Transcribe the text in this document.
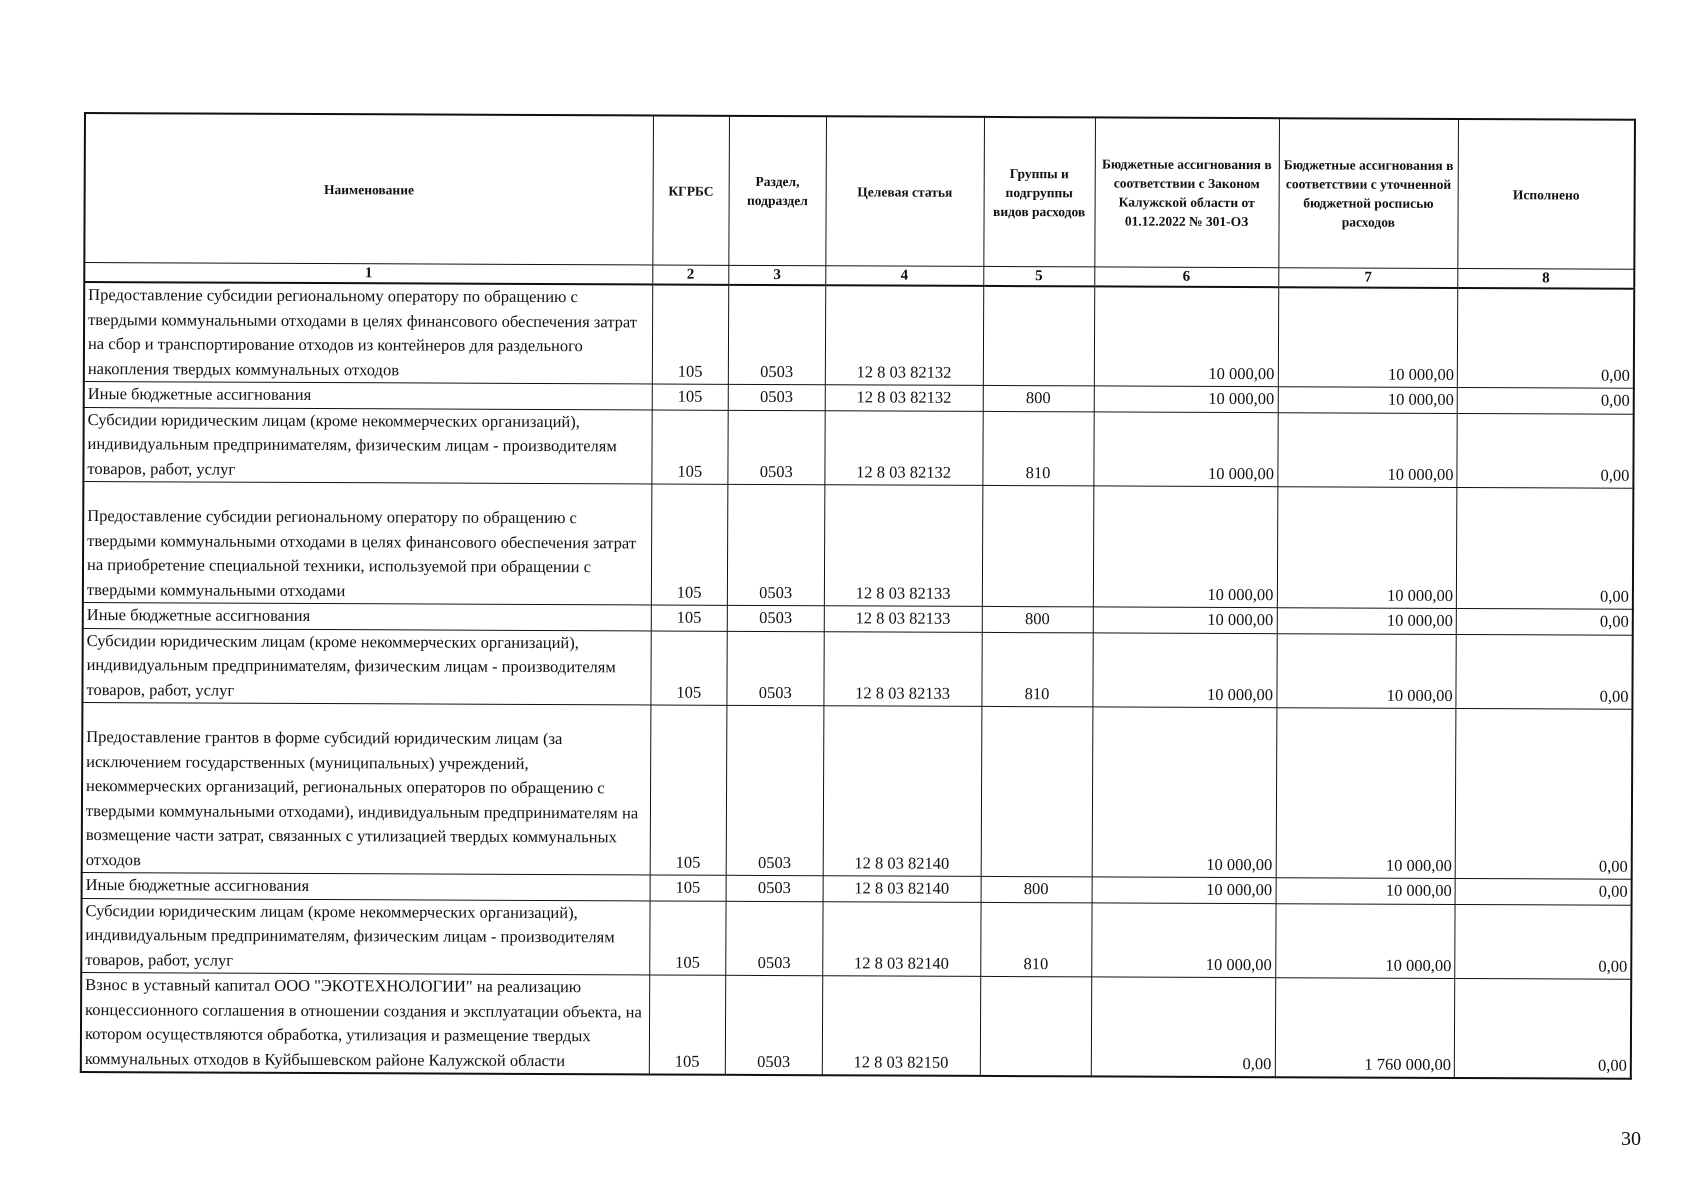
Наименование	КГРБС	Раздел, подраздел	Целевая статья	Группы и подгруппы видов расходов	Бюджетные ассигнования в соответствии с Законом Калужской области от 01.12.2022 № 301-ОЗ	Бюджетные ассигнования в соответствии с уточненной бюджетной росписью расходов	Исполнено
1	2	3	4	5	6	7	8
Предоставление субсидии региональному оператору по обращению с твердыми коммунальными отходами в целях финансового обеспечения затрат на сбор и транспортирование отходов из контейнеров для раздельного накопления твердых коммунальных отходов	105	0503	12 8 03 82132		10 000,00	10 000,00	0,00
Иные бюджетные ассигнования	105	0503	12 8 03 82132	800	10 000,00	10 000,00	0,00
Субсидии юридическим лицам (кроме некоммерческих организаций), индивидуальным предпринимателям, физическим лицам - производителям товаров, работ, услуг	105	0503	12 8 03 82132	810	10 000,00	10 000,00	0,00
Предоставление субсидии региональному оператору по обращению с твердыми коммунальными отходами в целях финансового обеспечения затрат на приобретение специальной техники, используемой при обращении с твердыми коммунальными отходами	105	0503	12 8 03 82133		10 000,00	10 000,00	0,00
Иные бюджетные ассигнования	105	0503	12 8 03 82133	800	10 000,00	10 000,00	0,00
Субсидии юридическим лицам (кроме некоммерческих организаций), индивидуальным предпринимателям, физическим лицам - производителям товаров, работ, услуг	105	0503	12 8 03 82133	810	10 000,00	10 000,00	0,00
Предоставление грантов в форме субсидий юридическим лицам (за исключением государственных (муниципальных) учреждений, некоммерческих организаций, региональных операторов по обращению с твердыми коммунальными отходами), индивидуальным предпринимателям на возмещение части затрат, связанных с утилизацией твердых коммунальных отходов	105	0503	12 8 03 82140		10 000,00	10 000,00	0,00
Иные бюджетные ассигнования	105	0503	12 8 03 82140	800	10 000,00	10 000,00	0,00
Субсидии юридическим лицам (кроме некоммерческих организаций), индивидуальным предпринимателям, физическим лицам - производителям товаров, работ, услуг	105	0503	12 8 03 82140	810	10 000,00	10 000,00	0,00
Взнос в уставный капитал ООО "ЭКОТЕХНОЛОГИИ" на реализацию концессионного соглашения в отношении создания и эксплуатации объекта, на котором осуществляются обработка, утилизация и размещение твердых коммунальных отходов в Куйбышевском районе Калужской области	105	0503	12 8 03 82150		0,00	1 760 000,00	0,00
30
